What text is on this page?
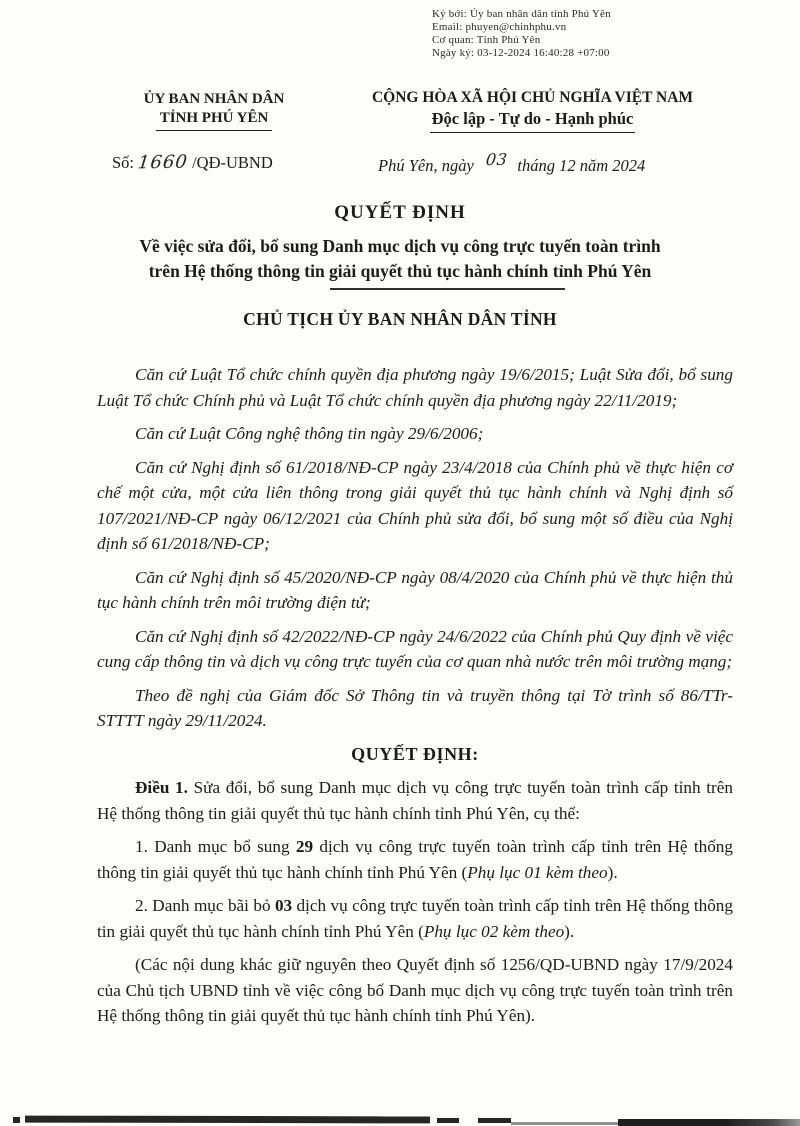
Ký bởi: Ủy ban nhân dân tỉnh Phú Yên
Email: phuyen@chinhphu.vn
Cơ quan: Tỉnh Phú Yên
Ngày ký: 03-12-2024 16:40:28 +07:00
ỦY BAN NHÂN DÂN
TỈNH PHÚ YÊN
CỘNG HÒA XÃ HỘI CHỦ NGHĨA VIỆT NAM
Độc lập - Tự do - Hạnh phúc
Số: 1660 /QĐ-UBND	Phú Yên, ngày 03 tháng 12 năm 2024
QUYẾT ĐỊNH
Về việc sửa đổi, bổ sung Danh mục dịch vụ công trực tuyến toàn trình
trên Hệ thống thông tin giải quyết thủ tục hành chính tỉnh Phú Yên
CHỦ TỊCH ỦY BAN NHÂN DÂN TỈNH

Căn cứ Luật Tổ chức chính quyền địa phương ngày 19/6/2015; Luật Sửa đổi, bổ sung Luật Tổ chức Chính phủ và Luật Tổ chức chính quyền địa phương ngày 22/11/2019;

Căn cứ Luật Công nghệ thông tin ngày 29/6/2006;

Căn cứ Nghị định số 61/2018/NĐ-CP ngày 23/4/2018 của Chính phủ về thực hiện cơ chế một cửa, một cửa liên thông trong giải quyết thủ tục hành chính và Nghị định số 107/2021/NĐ-CP ngày 06/12/2021 của Chính phủ sửa đổi, bổ sung một số điều của Nghị định số 61/2018/NĐ-CP;

Căn cứ Nghị định số 45/2020/NĐ-CP ngày 08/4/2020 của Chính phủ về thực hiện thủ tục hành chính trên môi trường điện tử;

Căn cứ Nghị định số 42/2022/NĐ-CP ngày 24/6/2022 của Chính phủ Quy định về việc cung cấp thông tin và dịch vụ công trực tuyến của cơ quan nhà nước trên môi trường mạng;

Theo đề nghị của Giám đốc Sở Thông tin và truyền thông tại Tờ trình số 86/TTr-STTTT ngày 29/11/2024.

QUYẾT ĐỊNH:

Điều 1. Sửa đổi, bổ sung Danh mục dịch vụ công trực tuyến toàn trình cấp tỉnh trên Hệ thống thông tin giải quyết thủ tục hành chính tỉnh Phú Yên, cụ thể:

1. Danh mục bổ sung 29 dịch vụ công trực tuyến toàn trình cấp tỉnh trên Hệ thống thông tin giải quyết thủ tục hành chính tỉnh Phú Yên (Phụ lục 01 kèm theo).

2. Danh mục bãi bỏ 03 dịch vụ công trực tuyến toàn trình cấp tỉnh trên Hệ thống thông tin giải quyết thủ tục hành chính tỉnh Phú Yên (Phụ lục 02 kèm theo).

(Các nội dung khác giữ nguyên theo Quyết định số 1256/QD-UBND ngày 17/9/2024 của Chủ tịch UBND tỉnh về việc công bố Danh mục dịch vụ công trực tuyến toàn trình trên Hệ thống thông tin giải quyết thủ tục hành chính tỉnh Phú Yên).
